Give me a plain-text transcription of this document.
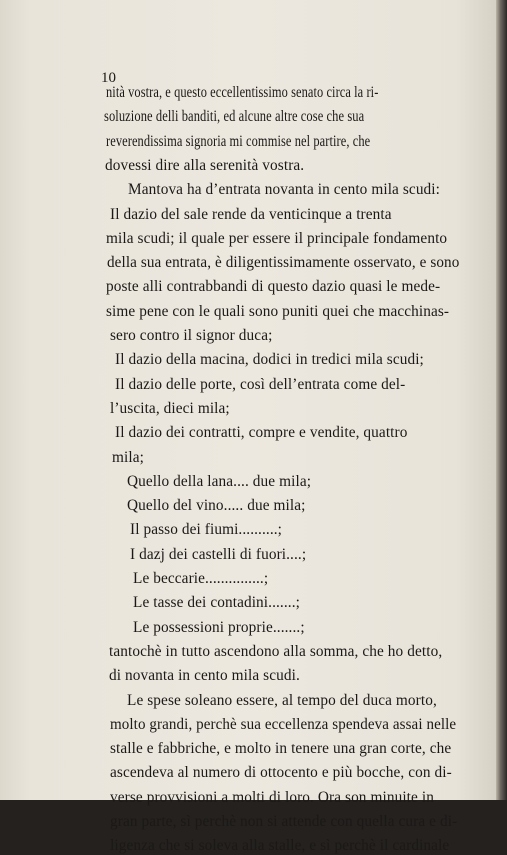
10
nità vostra, e questo eccellentissimo senato circa la ri-
soluzione delli banditi, ed alcune altre cose che sua
reverendissima signoria mi commise nel partire, che
dovessi dire alla serenità vostra.
Mantova ha d’entrata novanta in cento mila scudi:
Il dazio del sale rende da venticinque a trenta
mila scudi; il quale per essere il principale fondamento
della sua entrata, è diligentissimamente osservato, e sono
poste alli contrabbandi di questo dazio quasi le mede-
sime pene con le quali sono puniti quei che macchinas-
sero contro il signor duca;
Il dazio della macina, dodici in tredici mila scudi;
Il dazio delle porte, così dell’entrata come del-
l’uscita, dieci mila;
Il dazio dei contratti, compre e vendite, quattro
mila;
Quello della lana.... due mila;
Quello del vino..... due mila;
Il passo dei fiumi..........;
I dazj dei castelli di fuori....;
Le beccarie...............;
Le tasse dei contadini.......;
Le possessioni proprie.......;
tantochè in tutto ascendono alla somma, che ho detto,
di novanta in cento mila scudi.
Le spese soleano essere, al tempo del duca morto,
molto grandi, perchè sua eccellenza spendeva assai nelle
stalle e fabbriche, e molto in tenere una gran corte, che
ascendeva al numero di ottocento e più bocche, con di-
verse provvisioni a molti di loro. Ora son minuite in
gran parte, sì perchè non si attende con quella cura e di-
ligenza che si soleva alla stalle, e sì perchè il cardinale
